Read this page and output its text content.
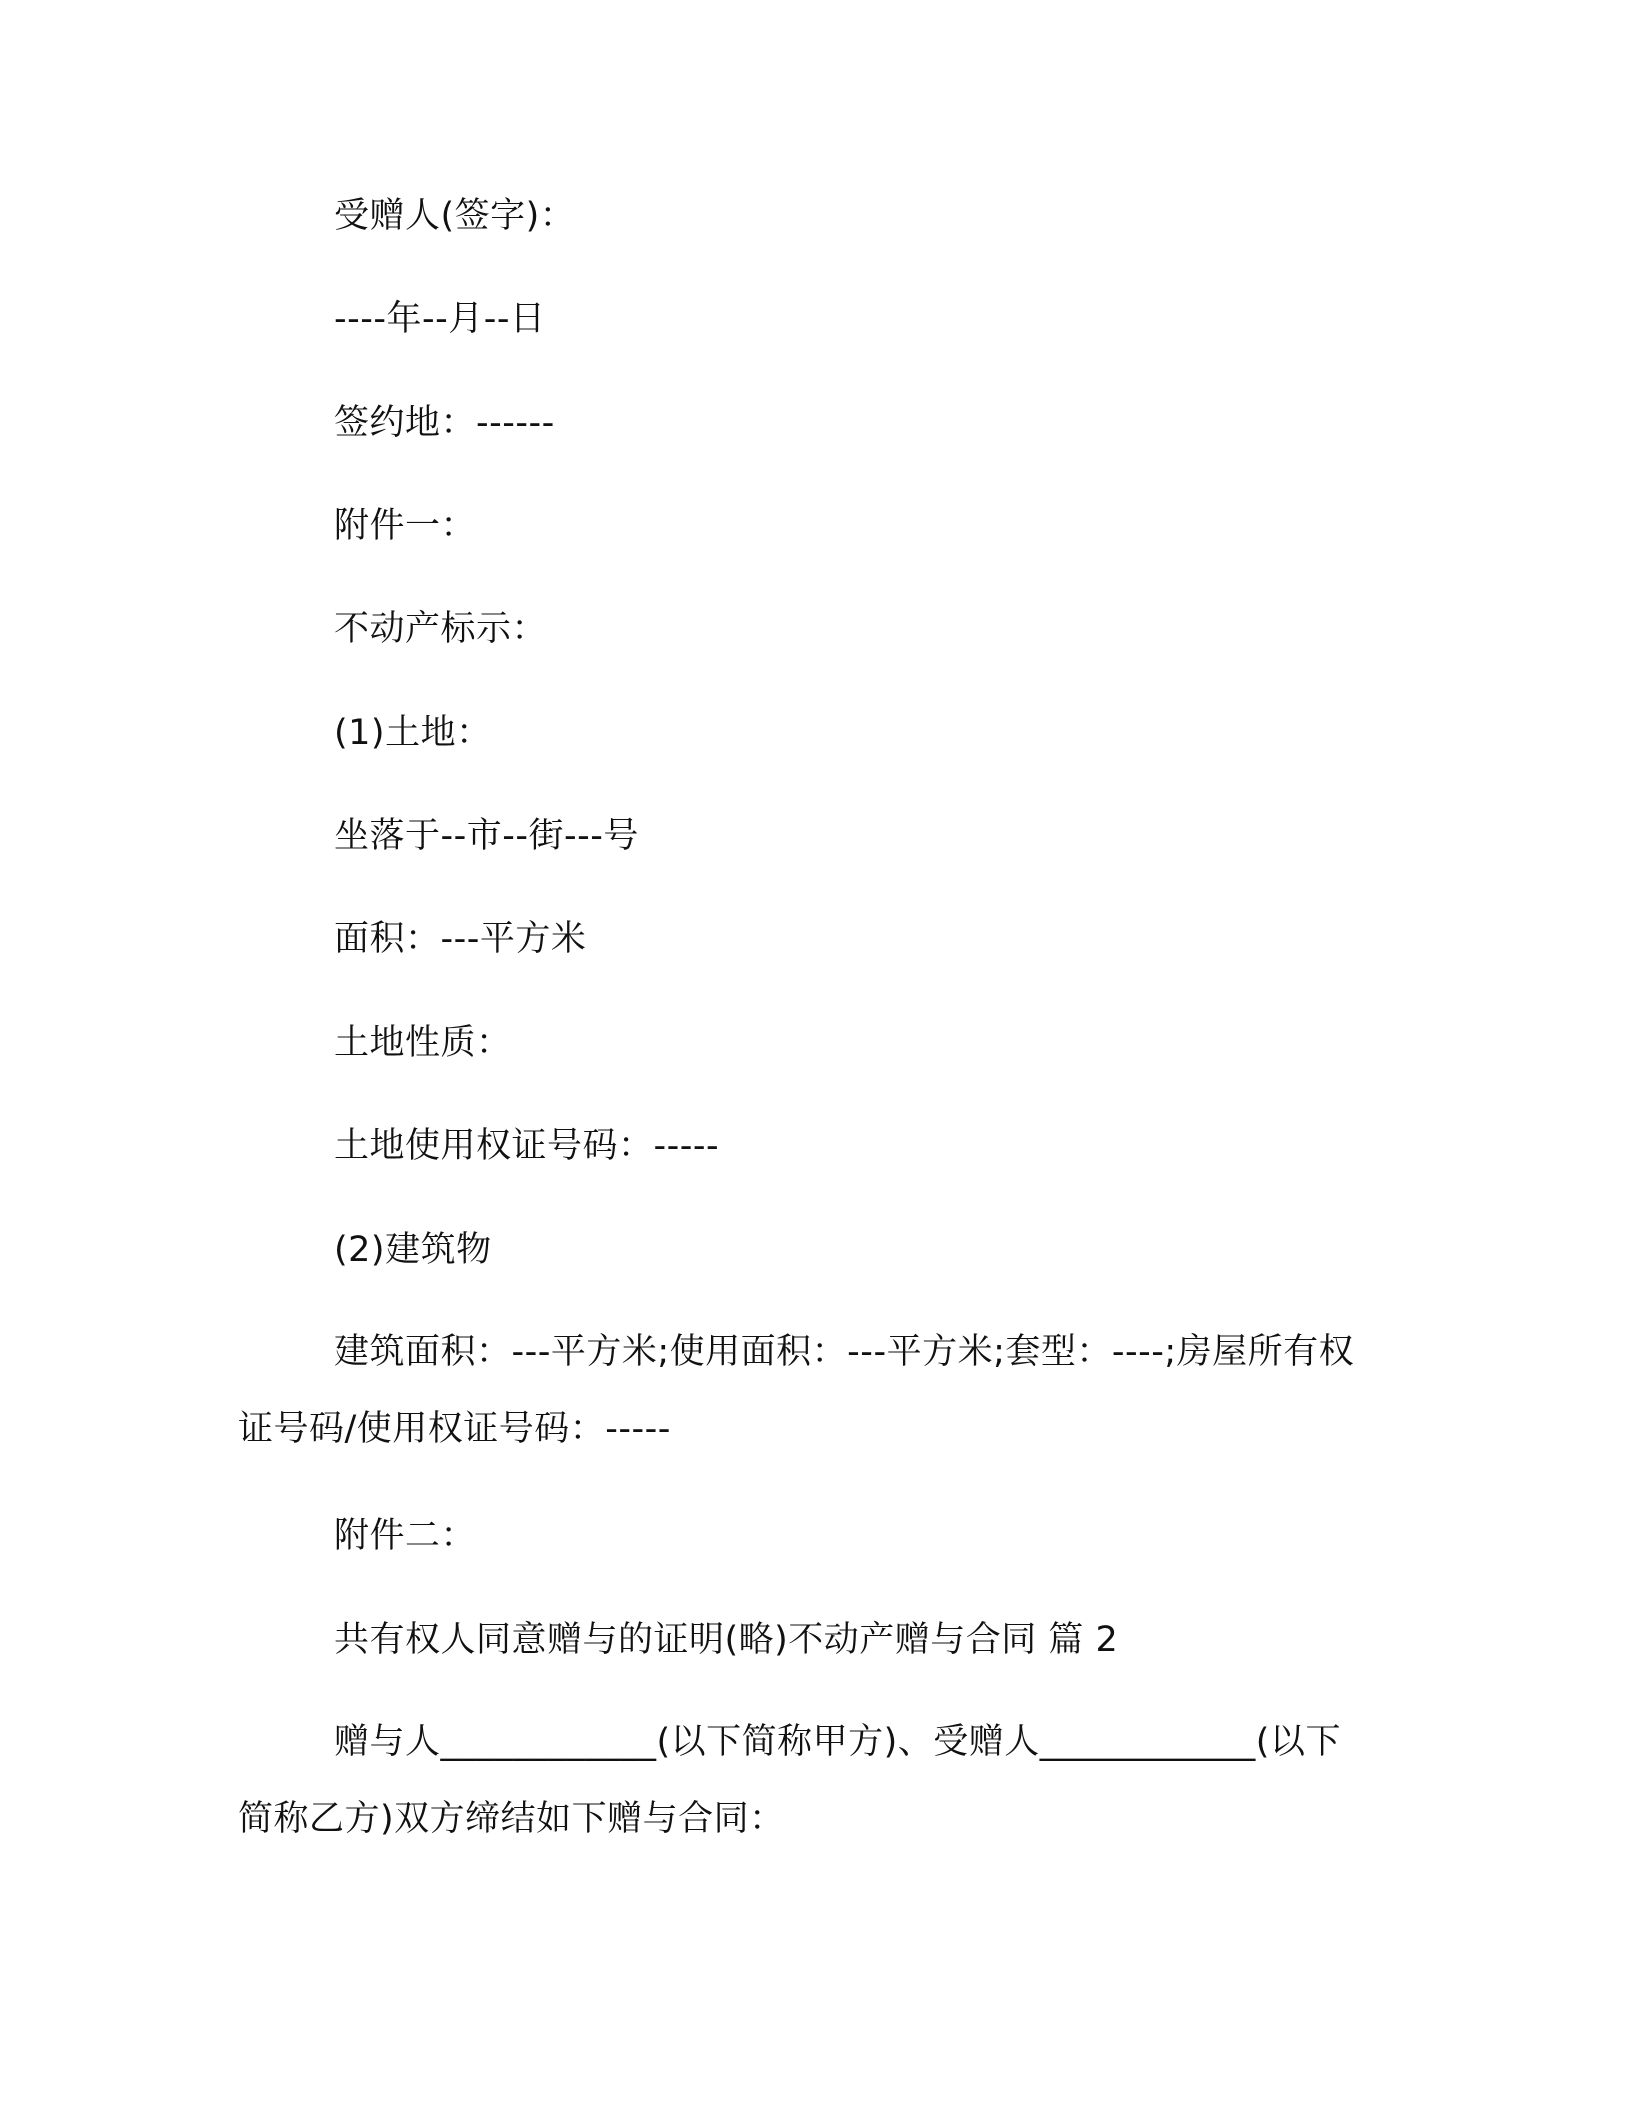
受赠人(签字)：
----年--月--日
签约地：------
附件一：
不动产标示：
(1)土地：
坐落于--市--街---号
面积：---平方米
土地性质：
土地使用权证号码：-----
(2)建筑物

建筑面积：---平方米;使用面积：---平方米;套型：----;房屋所有权证号码/使用权证号码：-----

附件二：
共有权人同意赠与的证明(略)不动产赠与合同 篇 2

赠与人____________(以下简称甲方)、受赠人____________(以下简称乙方)双方缔结如下赠与合同：
